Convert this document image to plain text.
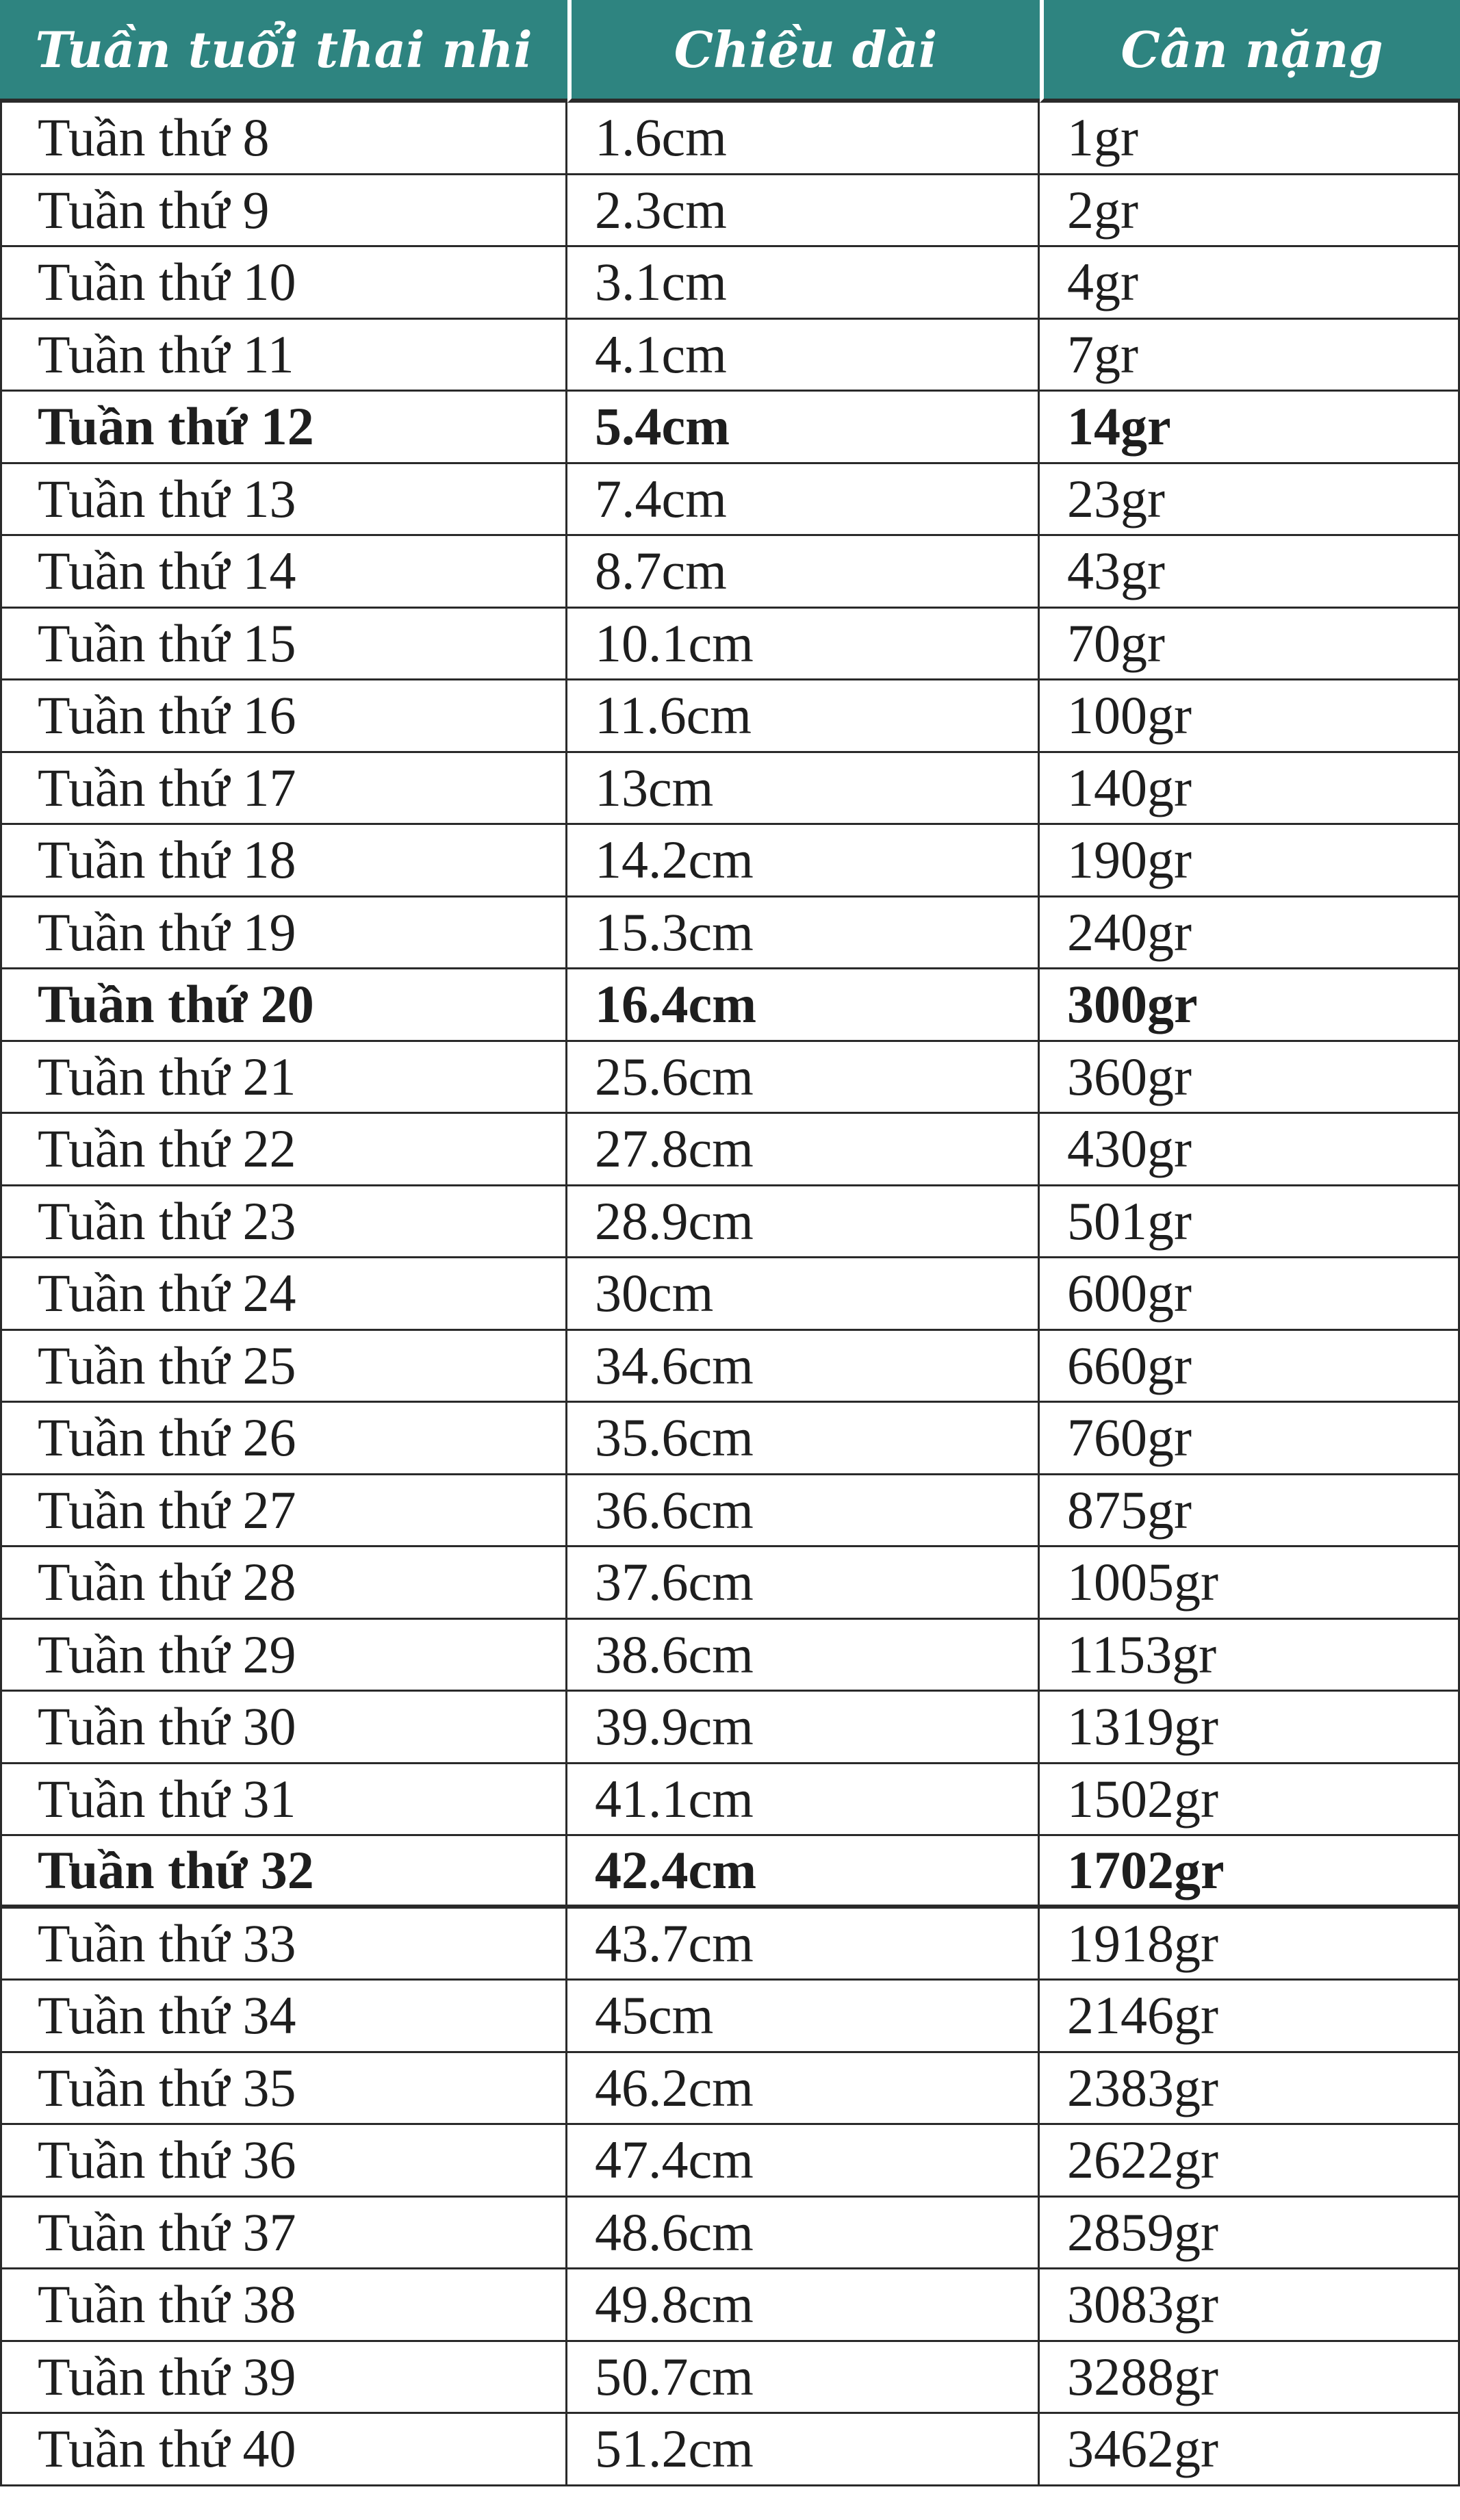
Tuần tuổi thai nhi	Chiều dài	Cân nặng
Tuần thứ 8	1.6cm	1gr
Tuần thứ 9	2.3cm	2gr
Tuần thứ 10	3.1cm	4gr
Tuần thứ 11	4.1cm	7gr
Tuần thứ 12	5.4cm	14gr
Tuần thứ 13	7.4cm	23gr
Tuần thứ 14	8.7cm	43gr
Tuần thứ 15	10.1cm	70gr
Tuần thứ 16	11.6cm	100gr
Tuần thứ 17	13cm	140gr
Tuần thứ 18	14.2cm	190gr
Tuần thứ 19	15.3cm	240gr
Tuần thứ 20	16.4cm	300gr
Tuần thứ 21	25.6cm	360gr
Tuần thứ 22	27.8cm	430gr
Tuần thứ 23	28.9cm	501gr
Tuần thứ 24	30cm	600gr
Tuần thứ 25	34.6cm	660gr
Tuần thứ 26	35.6cm	760gr
Tuần thứ 27	36.6cm	875gr
Tuần thứ 28	37.6cm	1005gr
Tuần thứ 29	38.6cm	1153gr
Tuần thứ 30	39.9cm	1319gr
Tuần thứ 31	41.1cm	1502gr
Tuần thứ 32	42.4cm	1702gr
Tuần thứ 33	43.7cm	1918gr
Tuần thứ 34	45cm	2146gr
Tuần thứ 35	46.2cm	2383gr
Tuần thứ 36	47.4cm	2622gr
Tuần thứ 37	48.6cm	2859gr
Tuần thứ 38	49.8cm	3083gr
Tuần thứ 39	50.7cm	3288gr
Tuần thứ 40	51.2cm	3462gr
